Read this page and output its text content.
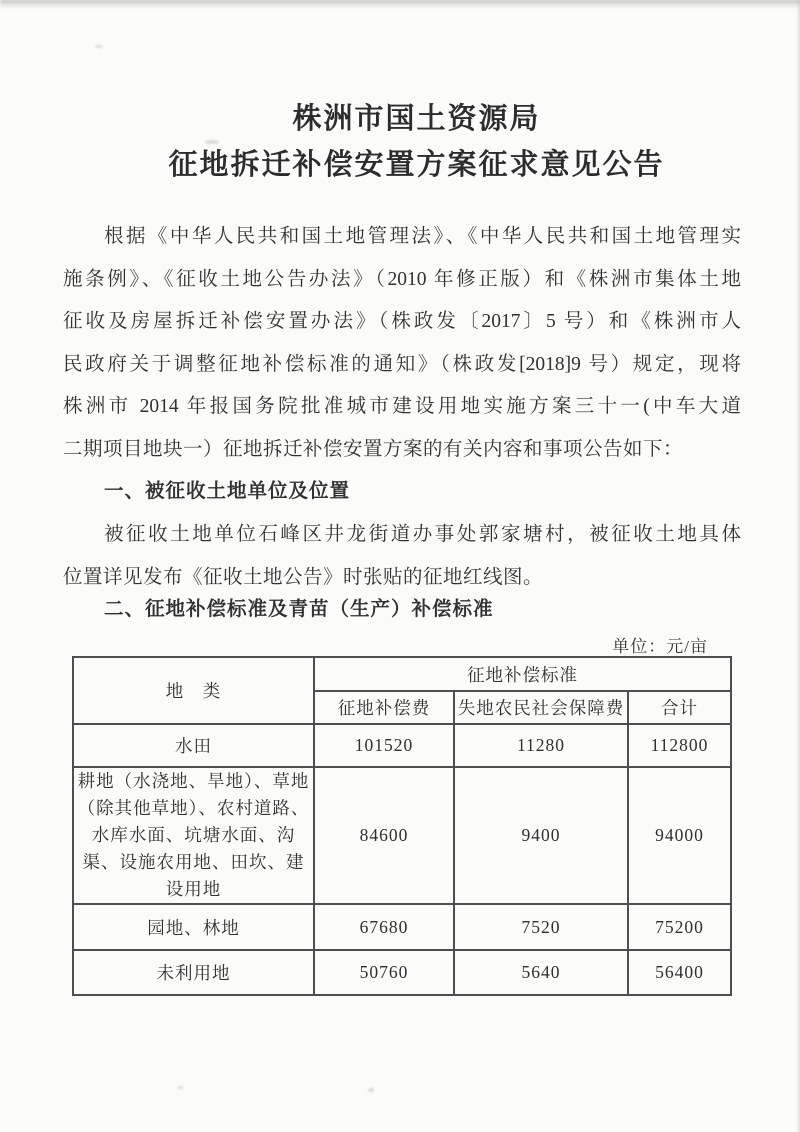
株洲市国土资源局
征地拆迁补偿安置方案征求意见公告
根据《中华人民共和国土地管理法》、《中华人民共和国土地管理实
施条例》、《征收土地公告办法》（2010 年修正版）和《株洲市集体土地
征收及房屋拆迁补偿安置办法》（株政发〔2017〕5 号）和《株洲市人
民政府关于调整征地补偿标准的通知》（株政发[2018]9 号）规定，现将
株洲市 2014 年报国务院批准城市建设用地实施方案三十一(中车大道
二期项目地块一）征地拆迁补偿安置方案的有关内容和事项公告如下：
一、被征收土地单位及位置
被征收土地单位石峰区井龙街道办事处郭家塘村，被征收土地具体
位置详见发布《征收土地公告》时张贴的征地红线图。
二、征地补偿标准及青苗（生产）补偿标准
单位：元/亩
地　类	征地补偿标准		
	征地补偿费	失地农民社会保障费	合计
水田	101520	11280	112800
耕地（水浇地、旱地）、草地（除其他草地）、农村道路、水库水面、坑塘水面、沟渠、设施农用地、田坎、建设用地	84600	9400	94000
园地、林地	67680	7520	75200
未利用地	50760	5640	56400
